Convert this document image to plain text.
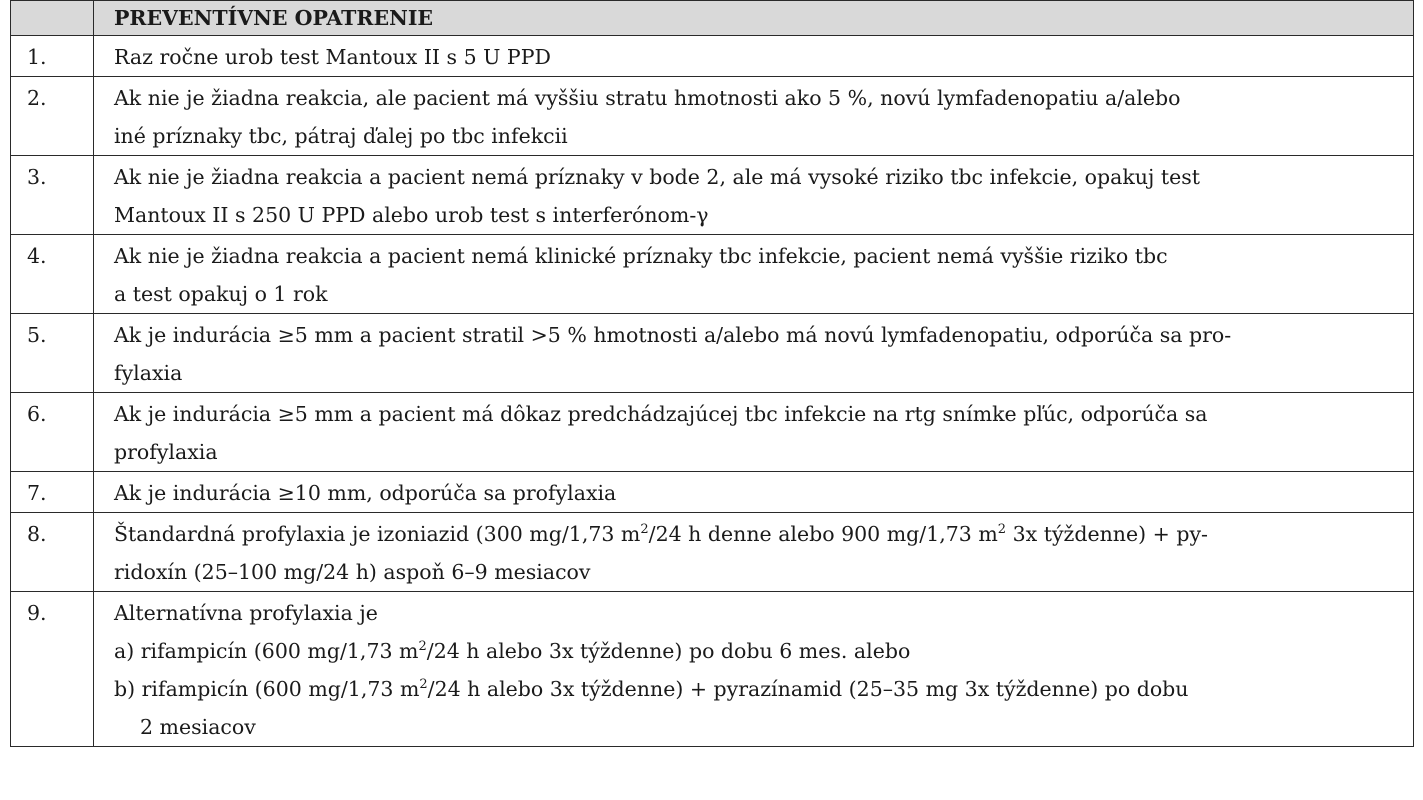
	PREVENTÍVNE OPATRENIE
1.	Raz ročne urob test Mantoux II s 5 U PPD

2.	Ak nie je žiadna reakcia, ale pacient má vyššiu stratu hmotnosti ako 5 %, novú lymfadenopatiu a/alebo
iné príznaky tbc, pátraj ďalej po tbc infekcii

3.	Ak nie je žiadna reakcia a pacient nemá príznaky v bode 2, ale má vysoké riziko tbc infekcie, opakuj test
Mantoux II s 250 U PPD alebo urob test s interferónom-γ

4.	Ak nie je žiadna reakcia a pacient nemá klinické príznaky tbc infekcie, pacient nemá vyššie riziko tbc
a test opakuj o 1 rok

5.	Ak je indurácia ≥5 mm a pacient stratil >5 % hmotnosti a/alebo má novú lymfadenopatiu, odporúča sa pro-
fylaxia

6.	Ak je indurácia ≥5 mm a pacient má dôkaz predchádzajúcej tbc infekcie na rtg snímke pľúc, odporúča sa
profylaxia

7.	Ak je indurácia ≥10 mm, odporúča sa profylaxia

8.	Štandardná profylaxia je izoniazid (300 mg/1,73 $m^2/24$ h denne alebo 900 mg/1,73 $m^2$ 3x týždenne) + py-
ridoxín (25–100 mg/24 h) aspoň 6–9 mesiacov

9.	Alternatívna profylaxia je
a) rifampicín (600 mg/1,73 $m^2/24$ h alebo 3x týždenne) po dobu 6 mes. alebo
b) rifampicín (600 mg/1,73 $m^2/24$ h alebo 3x týždenne) + pyrazínamid (25–35 mg 3x týždenne) po dobu
2 mesiacov
